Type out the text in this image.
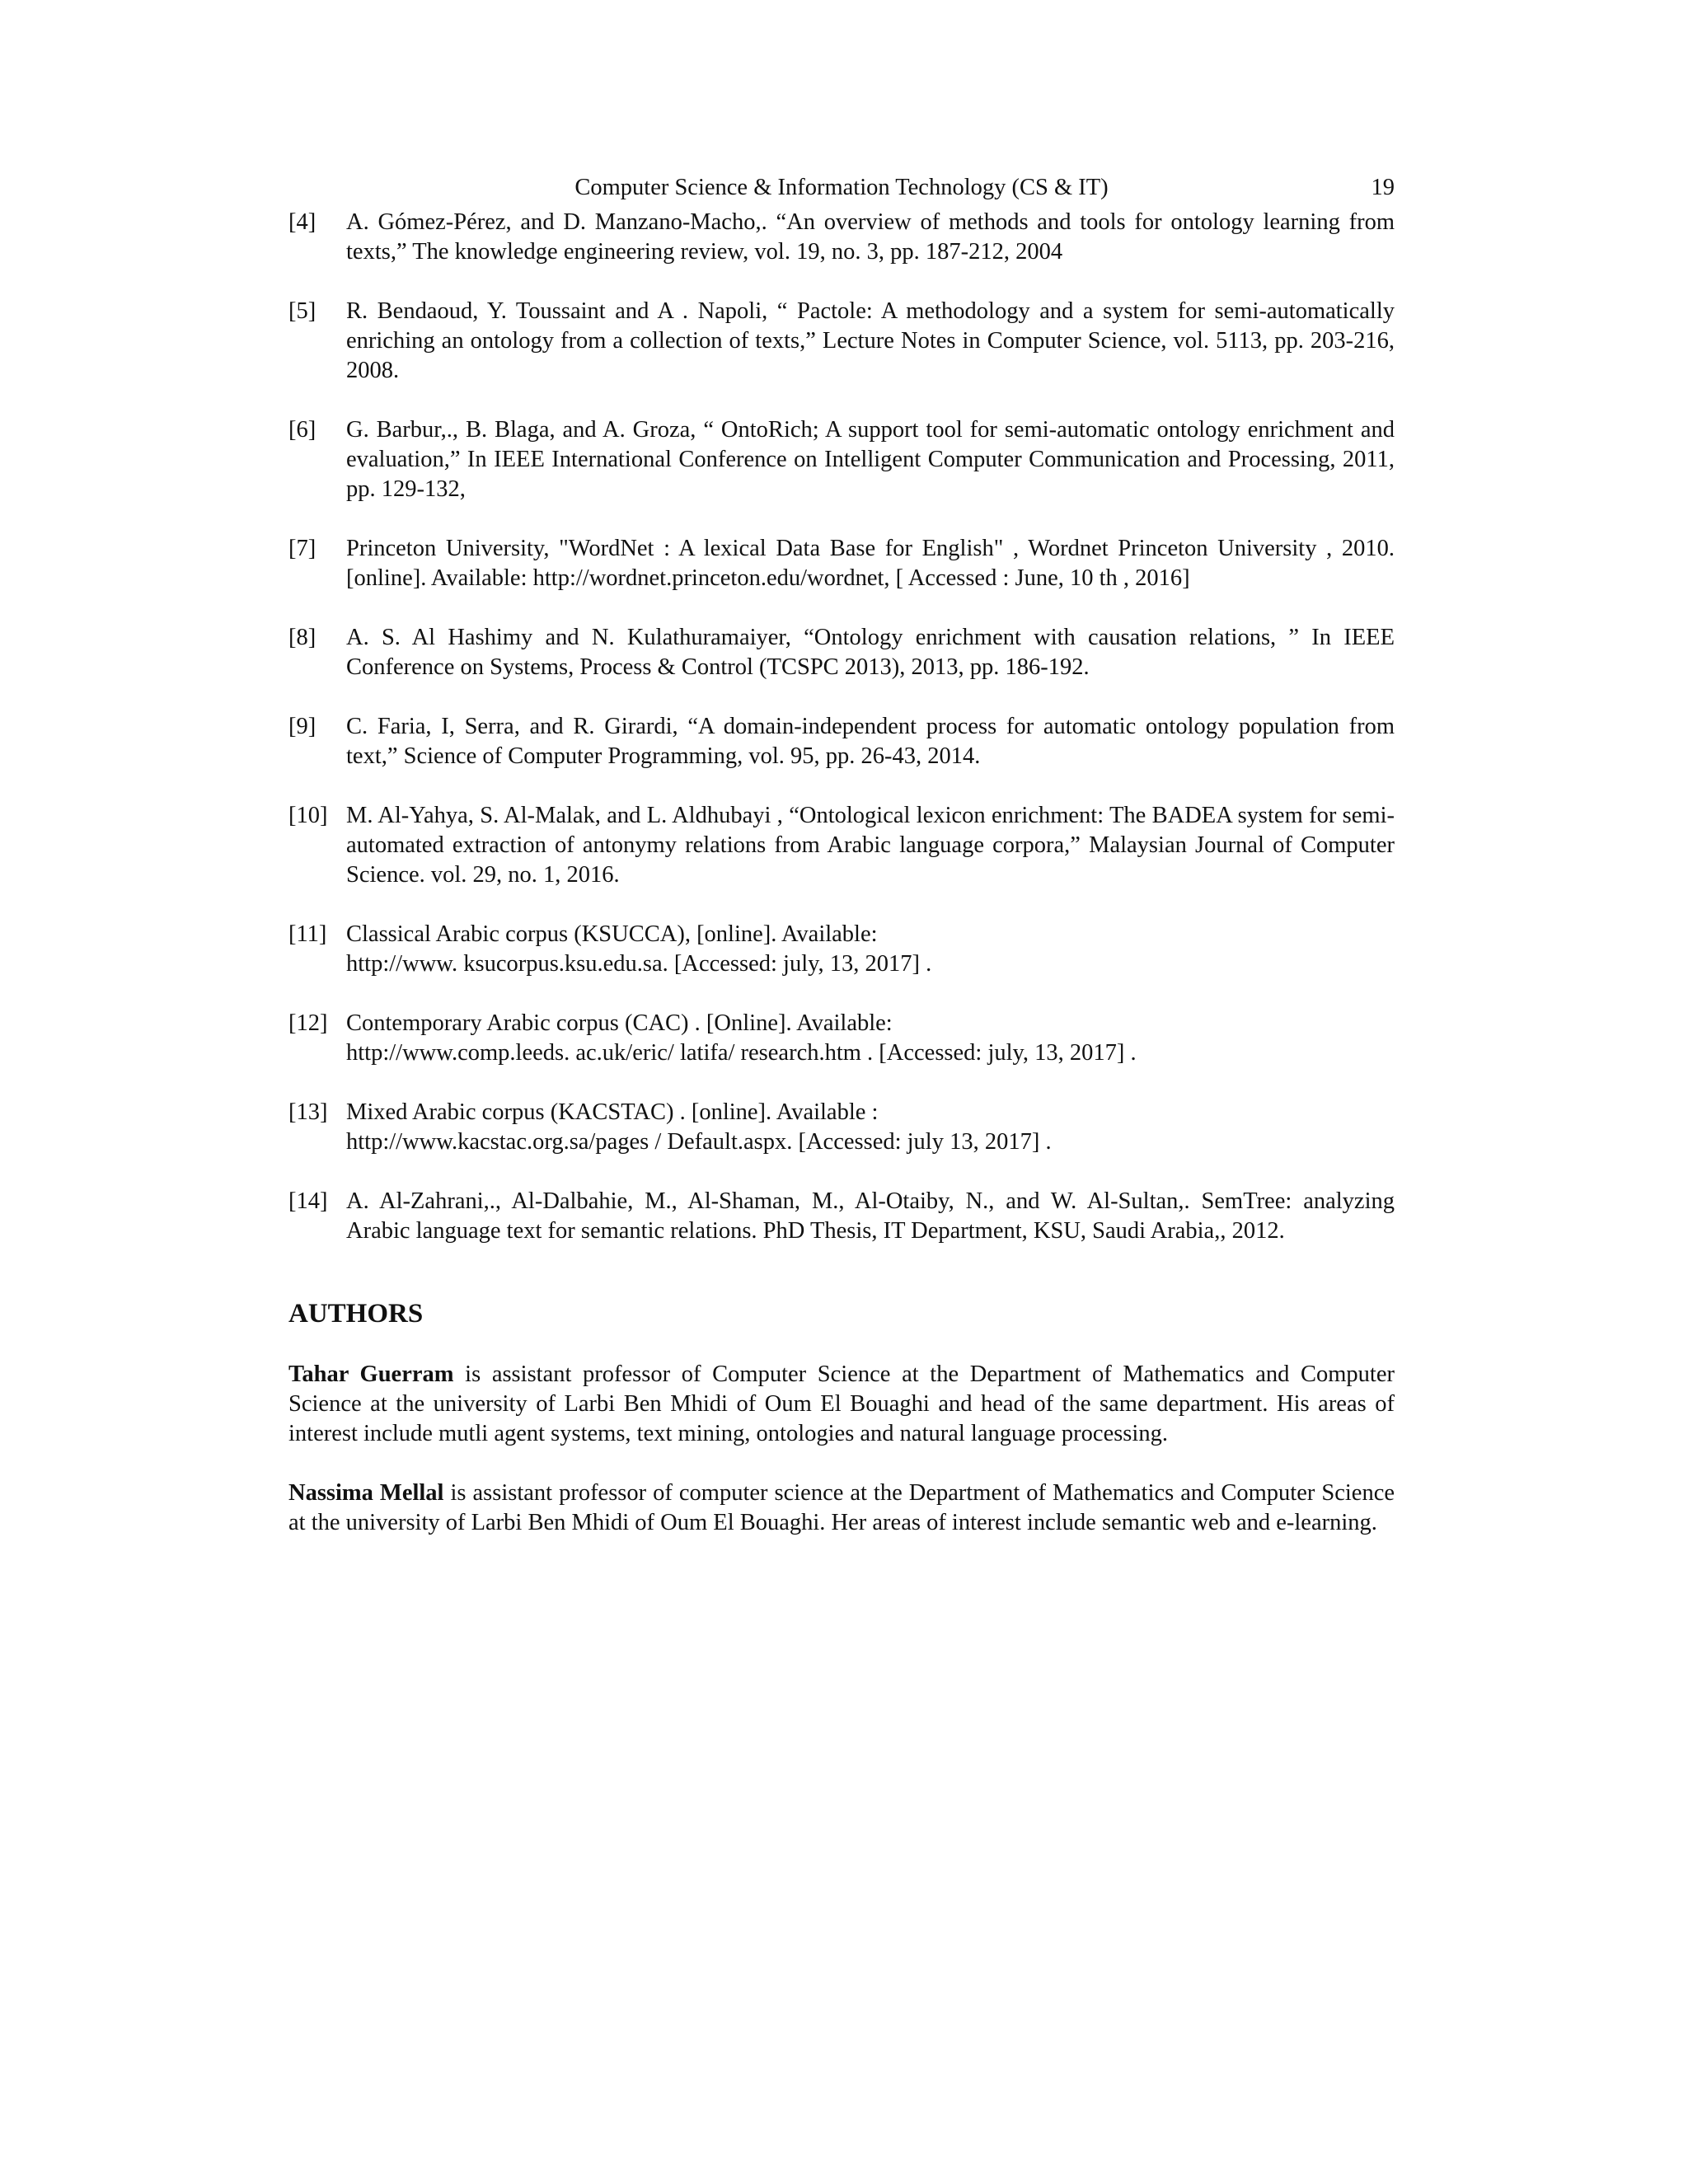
Computer Science & Information Technology (CS & IT)	19
[4]	A. Gómez-Pérez, and D. Manzano-Macho,. “An overview of methods and tools for ontology learning from texts,” The knowledge engineering review, vol. 19, no. 3, pp. 187-212, 2004
[5]	R. Bendaoud, Y. Toussaint and A . Napoli, “ Pactole: A methodology and a system for semi-automatically enriching an ontology from a collection of texts,” Lecture Notes in Computer Science, vol. 5113, pp. 203-216, 2008.
[6]	G. Barbur,., B. Blaga, and A. Groza, “ OntoRich; A support tool for semi-automatic ontology enrichment and evaluation,” In IEEE International Conference on Intelligent Computer Communication and Processing, 2011, pp. 129-132,
[7]	Princeton University, "WordNet : A lexical Data Base for English" , Wordnet Princeton University , 2010. [online]. Available: http://wordnet.princeton.edu/wordnet, [ Accessed : June, 10 th , 2016]
[8]	A. S. Al Hashimy and N. Kulathuramaiyer, “Ontology enrichment with causation relations, ” In IEEE Conference on Systems, Process & Control (TCSPC 2013), 2013, pp. 186-192.
[9]	C. Faria, I, Serra, and R. Girardi, “A domain-independent process for automatic ontology population from text,” Science of Computer Programming, vol. 95, pp. 26-43, 2014.
[10] M. Al-Yahya, S. Al-Malak, and L. Aldhubayi , “Ontological lexicon enrichment: The BADEA system for semi- automated extraction of antonymy relations from Arabic language corpora,” Malaysian Journal of Computer Science. vol. 29, no. 1, 2016.
[11] Classical Arabic corpus (KSUCCA), [online]. Available:
http://www. ksucorpus.ksu.edu.sa. [Accessed: july, 13, 2017] .
[12] Contemporary Arabic corpus (CAC) . [Online]. Available:
http://www.comp.leeds. ac.uk/eric/ latifa/ research.htm . [Accessed: july, 13, 2017] .
[13] Mixed Arabic corpus (KACSTAC) . [online]. Available :
http://www.kacstac.org.sa/pages / Default.aspx. [Accessed: july 13, 2017] .
[14] A. Al-Zahrani,., Al-Dalbahie, M., Al-Shaman, M., Al-Otaiby, N., and W. Al-Sultan,. SemTree: analyzing Arabic language text for semantic relations. PhD Thesis, IT Department, KSU, Saudi Arabia,, 2012.
AUTHORS
Tahar Guerram is assistant professor of Computer Science at the Department of Mathematics and Computer Science at the university of Larbi Ben Mhidi of Oum El Bouaghi and head of the same department. His areas of interest include mutli agent systems, text mining, ontologies and natural language processing.
Nassima Mellal is assistant professor of computer science at the Department of Mathematics and Computer Science at the university of Larbi Ben Mhidi of Oum El Bouaghi. Her areas of interest include semantic web and e-learning.
